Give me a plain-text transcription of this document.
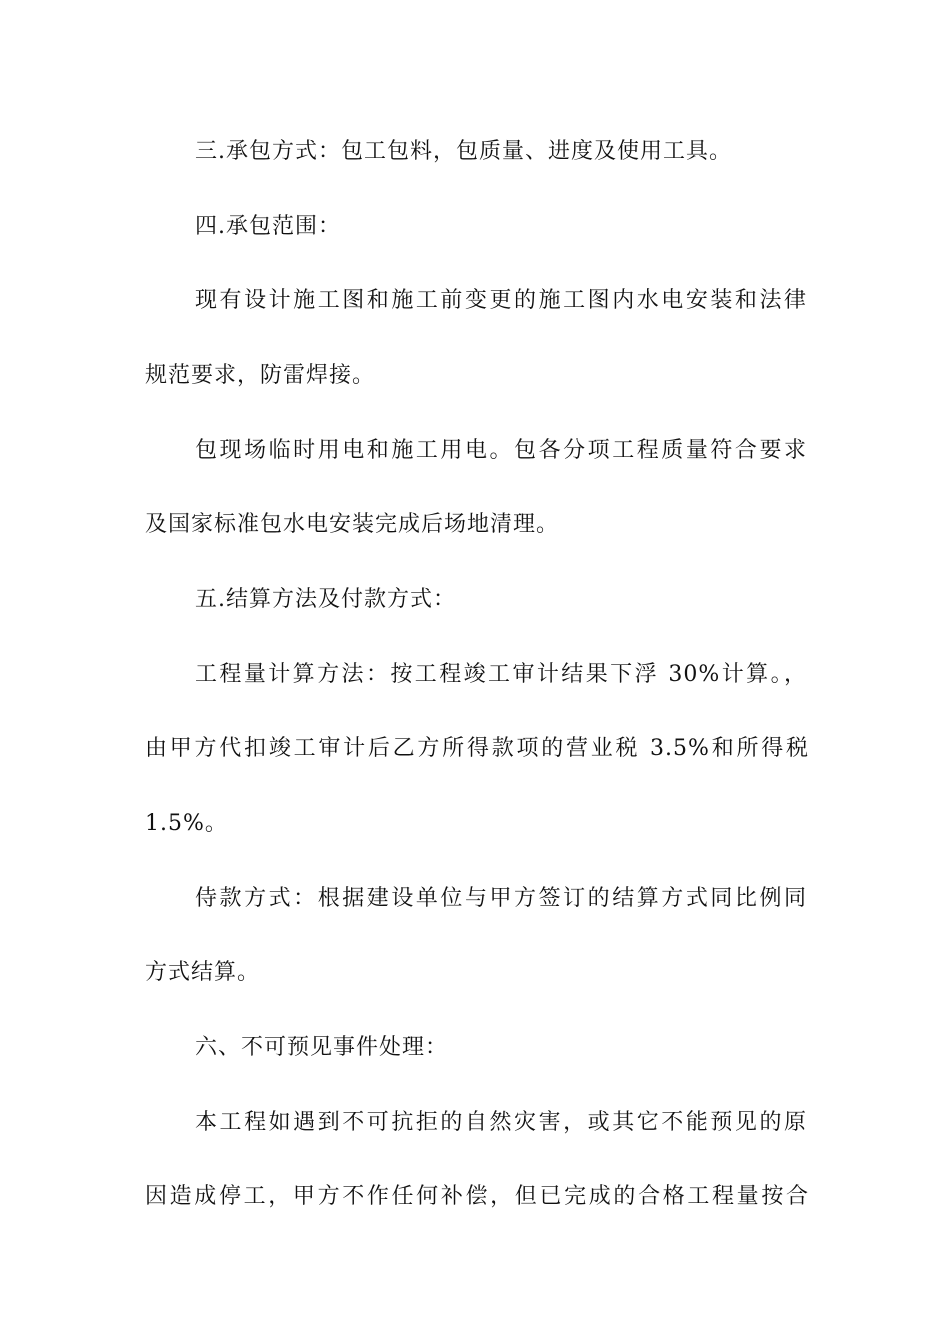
三.承包方式：包工包料，包质量、进度及使用工具。
四.承包范围：
现有设计施工图和施工前变更的施工图内水电安装和法律
规范要求，防雷焊接。
包现场临时用电和施工用电。包各分项工程质量符合要求
及国家标准包水电安装完成后场地清理。
五.结算方法及付款方式：
工程量计算方法：按工程竣工审计结果下浮 30%计算。，
由甲方代扣竣工审计后乙方所得款项的营业税 3.5%和所得税
1.5%。
侍款方式：根据建设单位与甲方签订的结算方式同比例同
方式结算。
六、不可预见事件处理：
本工程如遇到不可抗拒的自然灾害，或其它不能预见的原
因造成停工，甲方不作任何补偿，但已完成的合格工程量按合
